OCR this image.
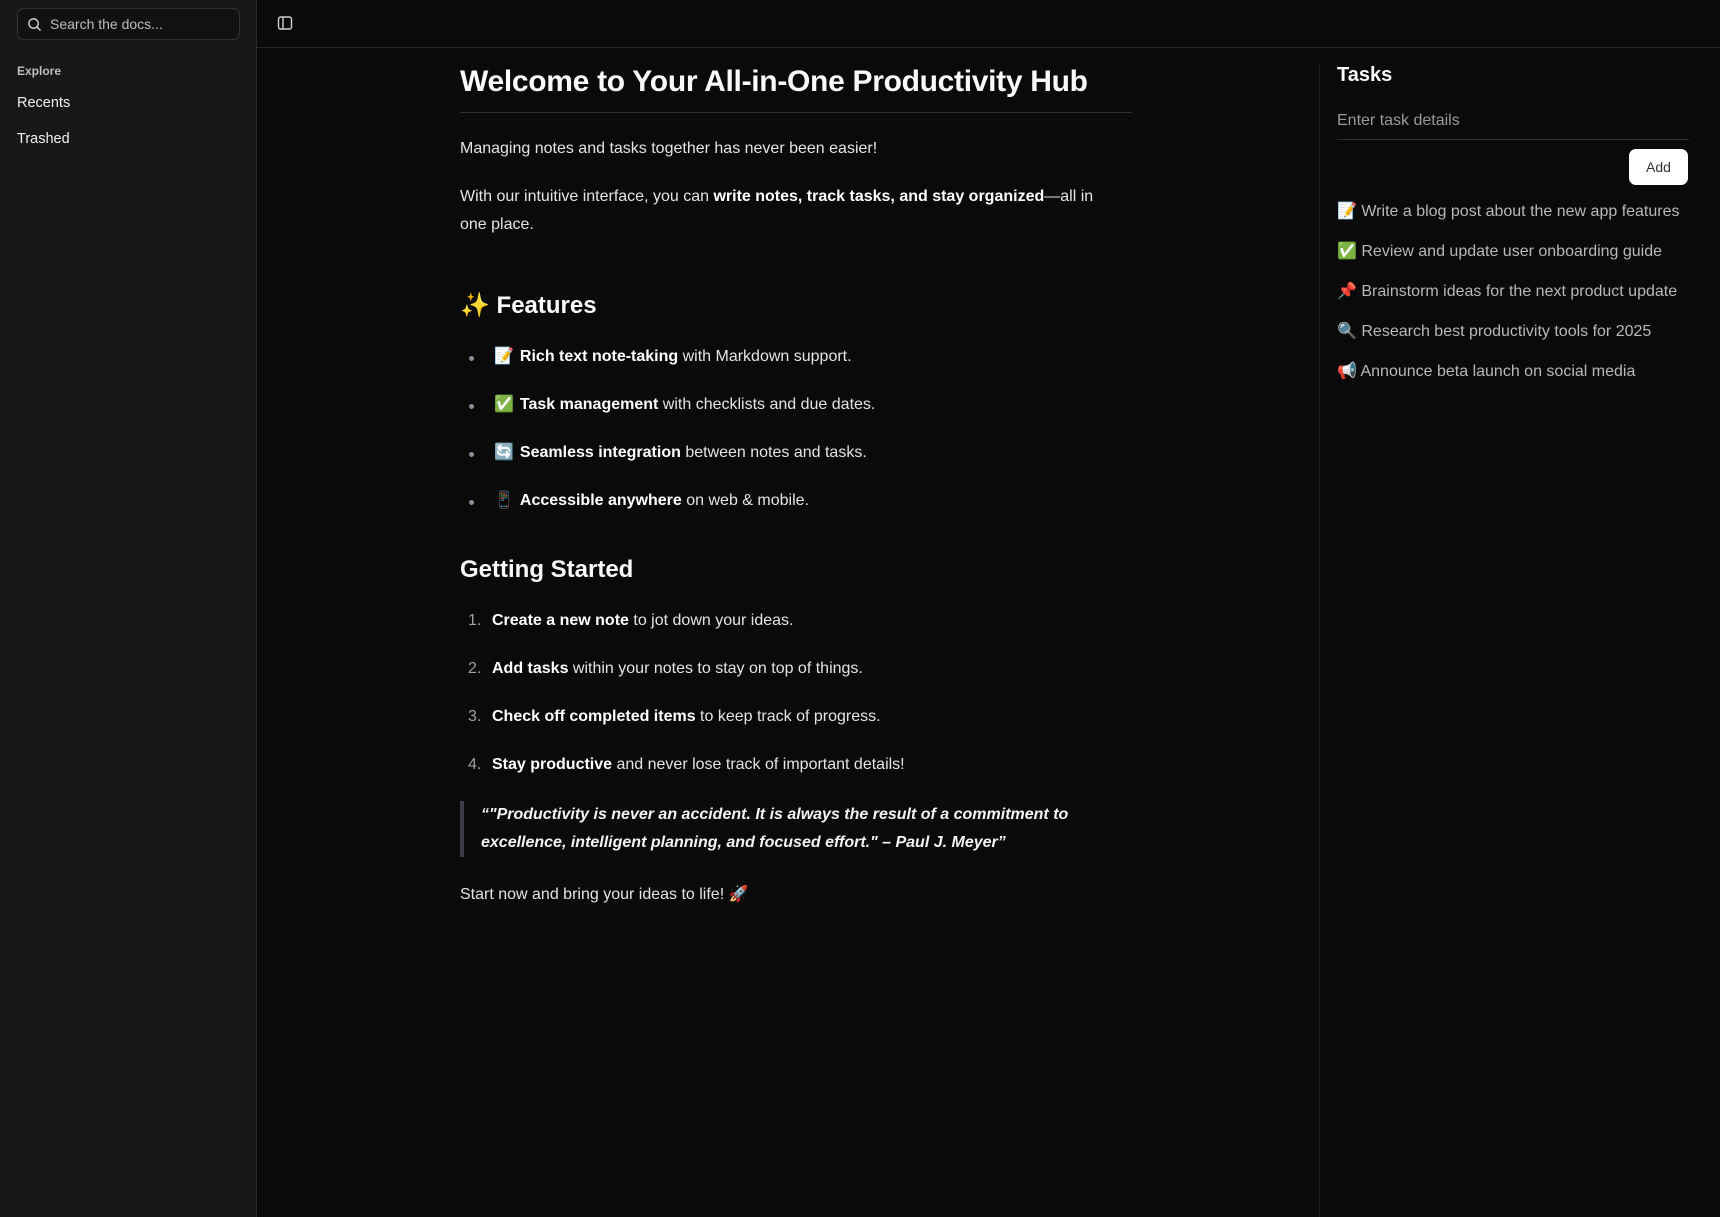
Search the docs...
Explore
Recents
Trashed
Welcome to Your All-in-One Productivity Hub

Managing notes and tasks together has never been easier!

With our intuitive interface, you can write notes, track tasks, and stay organized—all in one place.

✨ Features
📝 Rich text note-taking with Markdown support.
✅ Task management with checklists and due dates.
🔄 Seamless integration between notes and tasks.
📱 Accessible anywhere on web & mobile.
Getting Started
1. Create a new note to jot down your ideas.
2. Add tasks within your notes to stay on top of things.
3. Check off completed items to keep track of progress.
4. Stay productive and never lose track of important details!
“"Productivity is never an accident. It is always the result of a commitment to excellence, intelligent planning, and focused effort." – Paul J. Meyer”

Start now and bring your ideas to life! 🚀

Tasks
Enter task details
Add
📝 Write a blog post about the new app features
✅ Review and update user onboarding guide
📌 Brainstorm ideas for the next product update
🔍 Research best productivity tools for 2025
📢 Announce beta launch on social media
